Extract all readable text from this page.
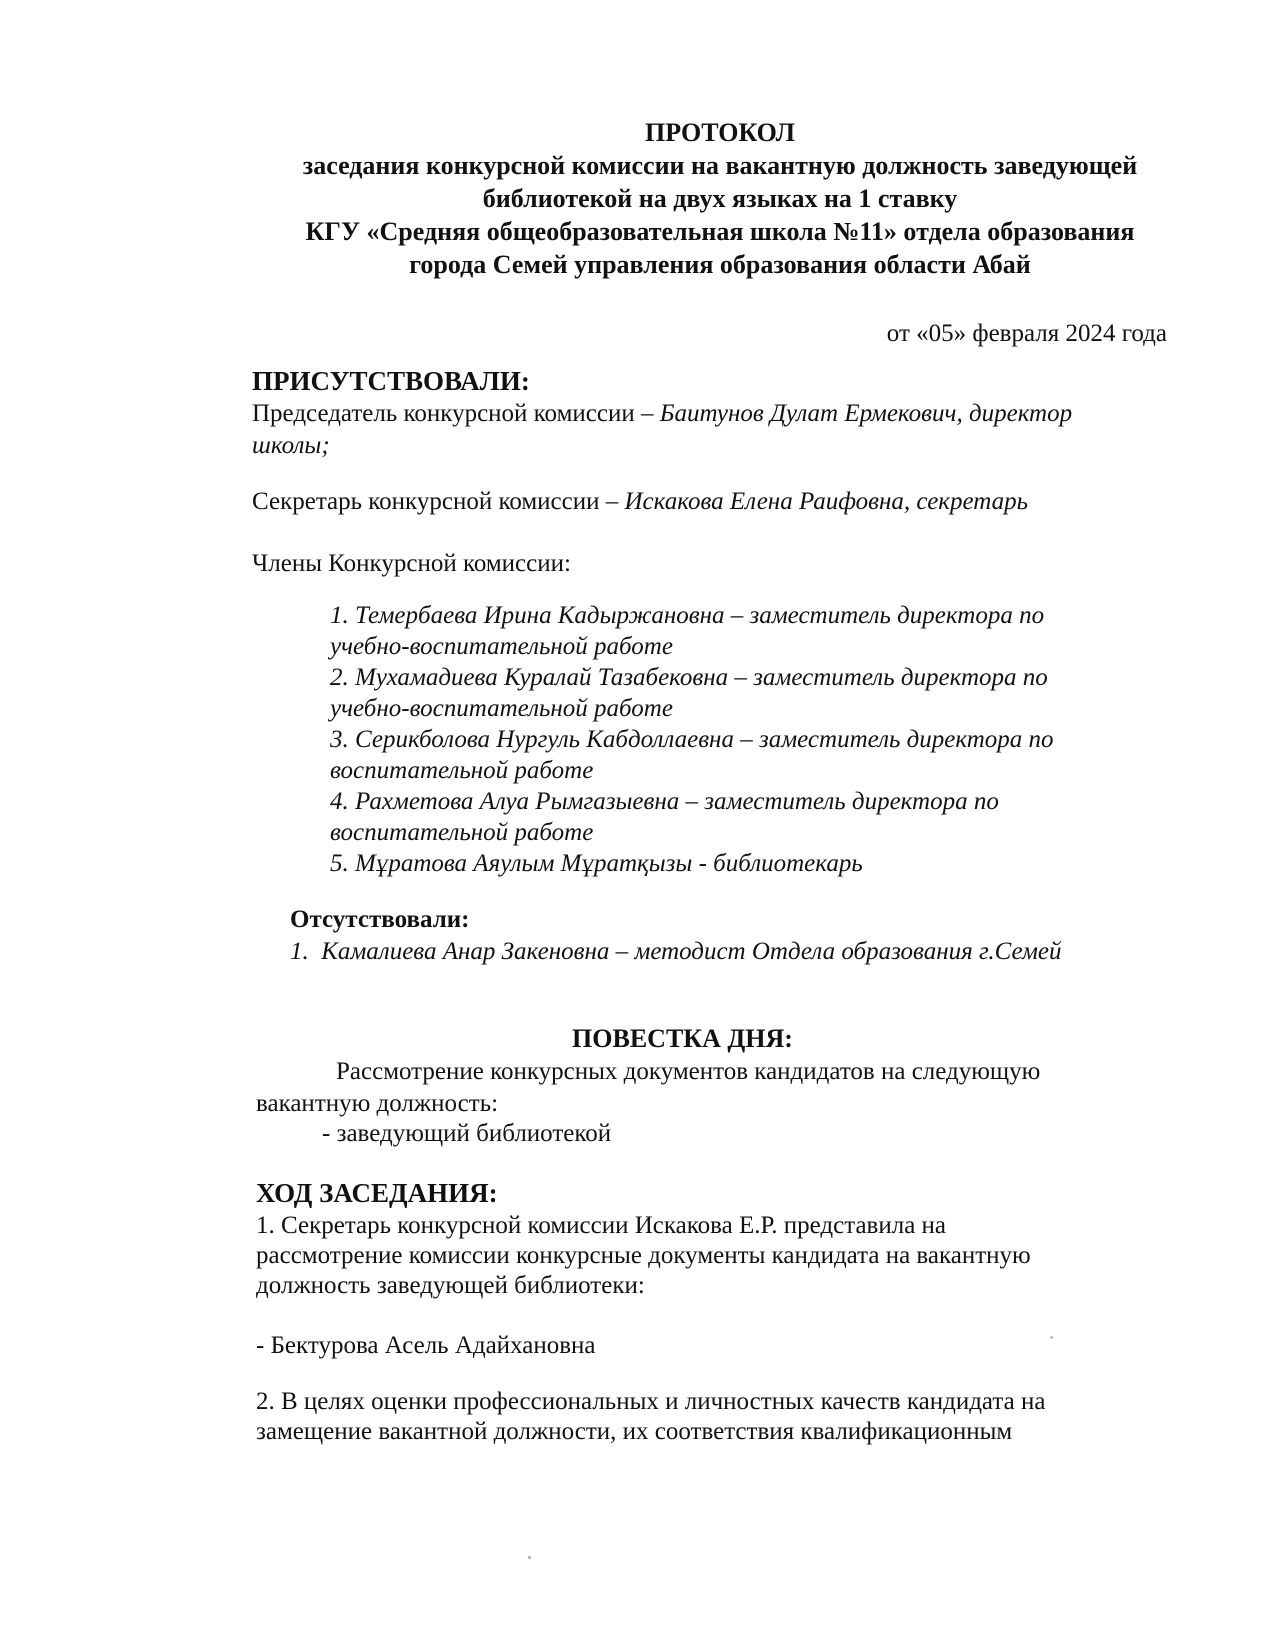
ПРОТОКОЛ
заседания конкурсной комиссии на вакантную должность заведующей
библиотекой на двух языках на 1 ставку
КГУ «Средняя общеобразовательная школа №11» отдела образования
города Семей управления образования области Абай
от «05» февраля 2024 года
ПРИСУТСТВОВАЛИ:
Председатель конкурсной комиссии – Баитунов Дулат Ермекович, директор
школы;
Секретарь конкурсной комиссии – Искакова Елена Раифовна, секретарь
Члены Конкурсной комиссии:
1. Темербаева Ирина Кадыржановна – заместитель директора по
учебно-воспитательной работе
2. Мухамадиева Куралай Тазабековна – заместитель директора по
учебно-воспитательной работе
3. Серикболова Нургуль Кабдоллаевна – заместитель директора по
воспитательной работе
4. Рахметова Алуа Рымгазыевна – заместитель директора по
воспитательной работе
5. Мұратова Аяулым Мұратқызы - библиотекарь
Отсутствовали:
1. Камалиева Анар Закеновна – методист Отдела образования г.Семей
ПОВЕСТКА ДНЯ:
Рассмотрение конкурсных документов кандидатов на следующую
вакантную должность:
- заведующий библиотекой
ХОД ЗАСЕДАНИЯ:
1. Секретарь конкурсной комиссии Искакова Е.Р. представила на
рассмотрение комиссии конкурсные документы кандидата на вакантную
должность заведующей библиотеки:
- Бектурова Асель Адайхановна
2. В целях оценки профессиональных и личностных качеств кандидата на
замещение вакантной должности, их соответствия квалификационным
